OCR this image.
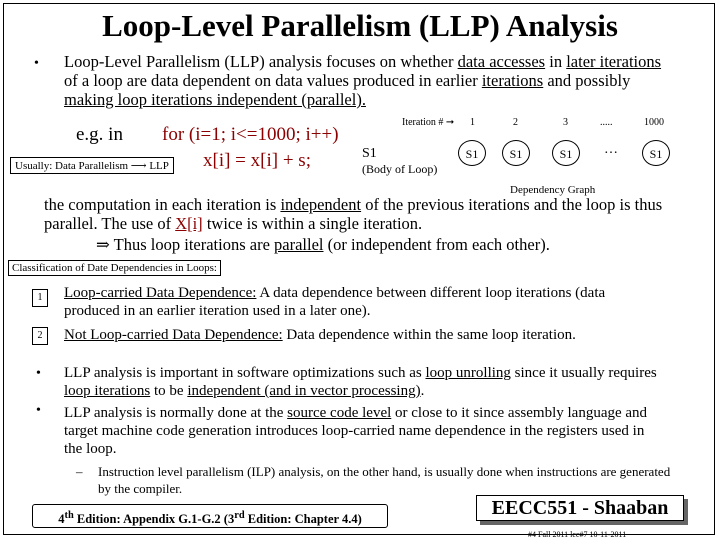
Loop-Level Parallelism (LLP) Analysis
• Loop-Level Parallelism (LLP) analysis focuses on whether data accesses in later iterations of a loop are data dependent on data values produced in earlier iterations and possibly making loop iterations independent (parallel).
e.g. in for (i=1; i<=1000; i++)
x[i] = x[i] + s;
Usually: Data Parallelism ⟶ LLP
S1
(Body of Loop)
Iteration # ➞ 1	2	3	.....	1000
S1	S1	S1	…	S1
Dependency Graph
the computation in each iteration is independent of the previous iterations and the loop is thus parallel. The use of X[i] twice is within a single iteration.
⇒ Thus loop iterations are parallel (or independent from each other).
Classification of Date Dependencies in Loops:
1	Loop-carried Data Dependence: A data dependence between different loop iterations (data produced in an earlier iteration used in a later one).
2	Not Loop-carried Data Dependence: Data dependence within the same loop iteration.
• LLP analysis is important in software optimizations such as loop unrolling since it usually requires loop iterations to be independent (and in vector processing).
• LLP analysis is normally done at the source code level or close to it since assembly language and target machine code generation introduces loop-carried name dependence in the registers used in the loop.
– Instruction level parallelism (ILP) analysis, on the other hand, is usually done when instructions are generated by the compiler.
4th Edition: Appendix G.1-G.2 (3rd Edition: Chapter 4.4)
EECC551 - Shaaban
#4 Fall 2011 lec#7 10-11-2011
